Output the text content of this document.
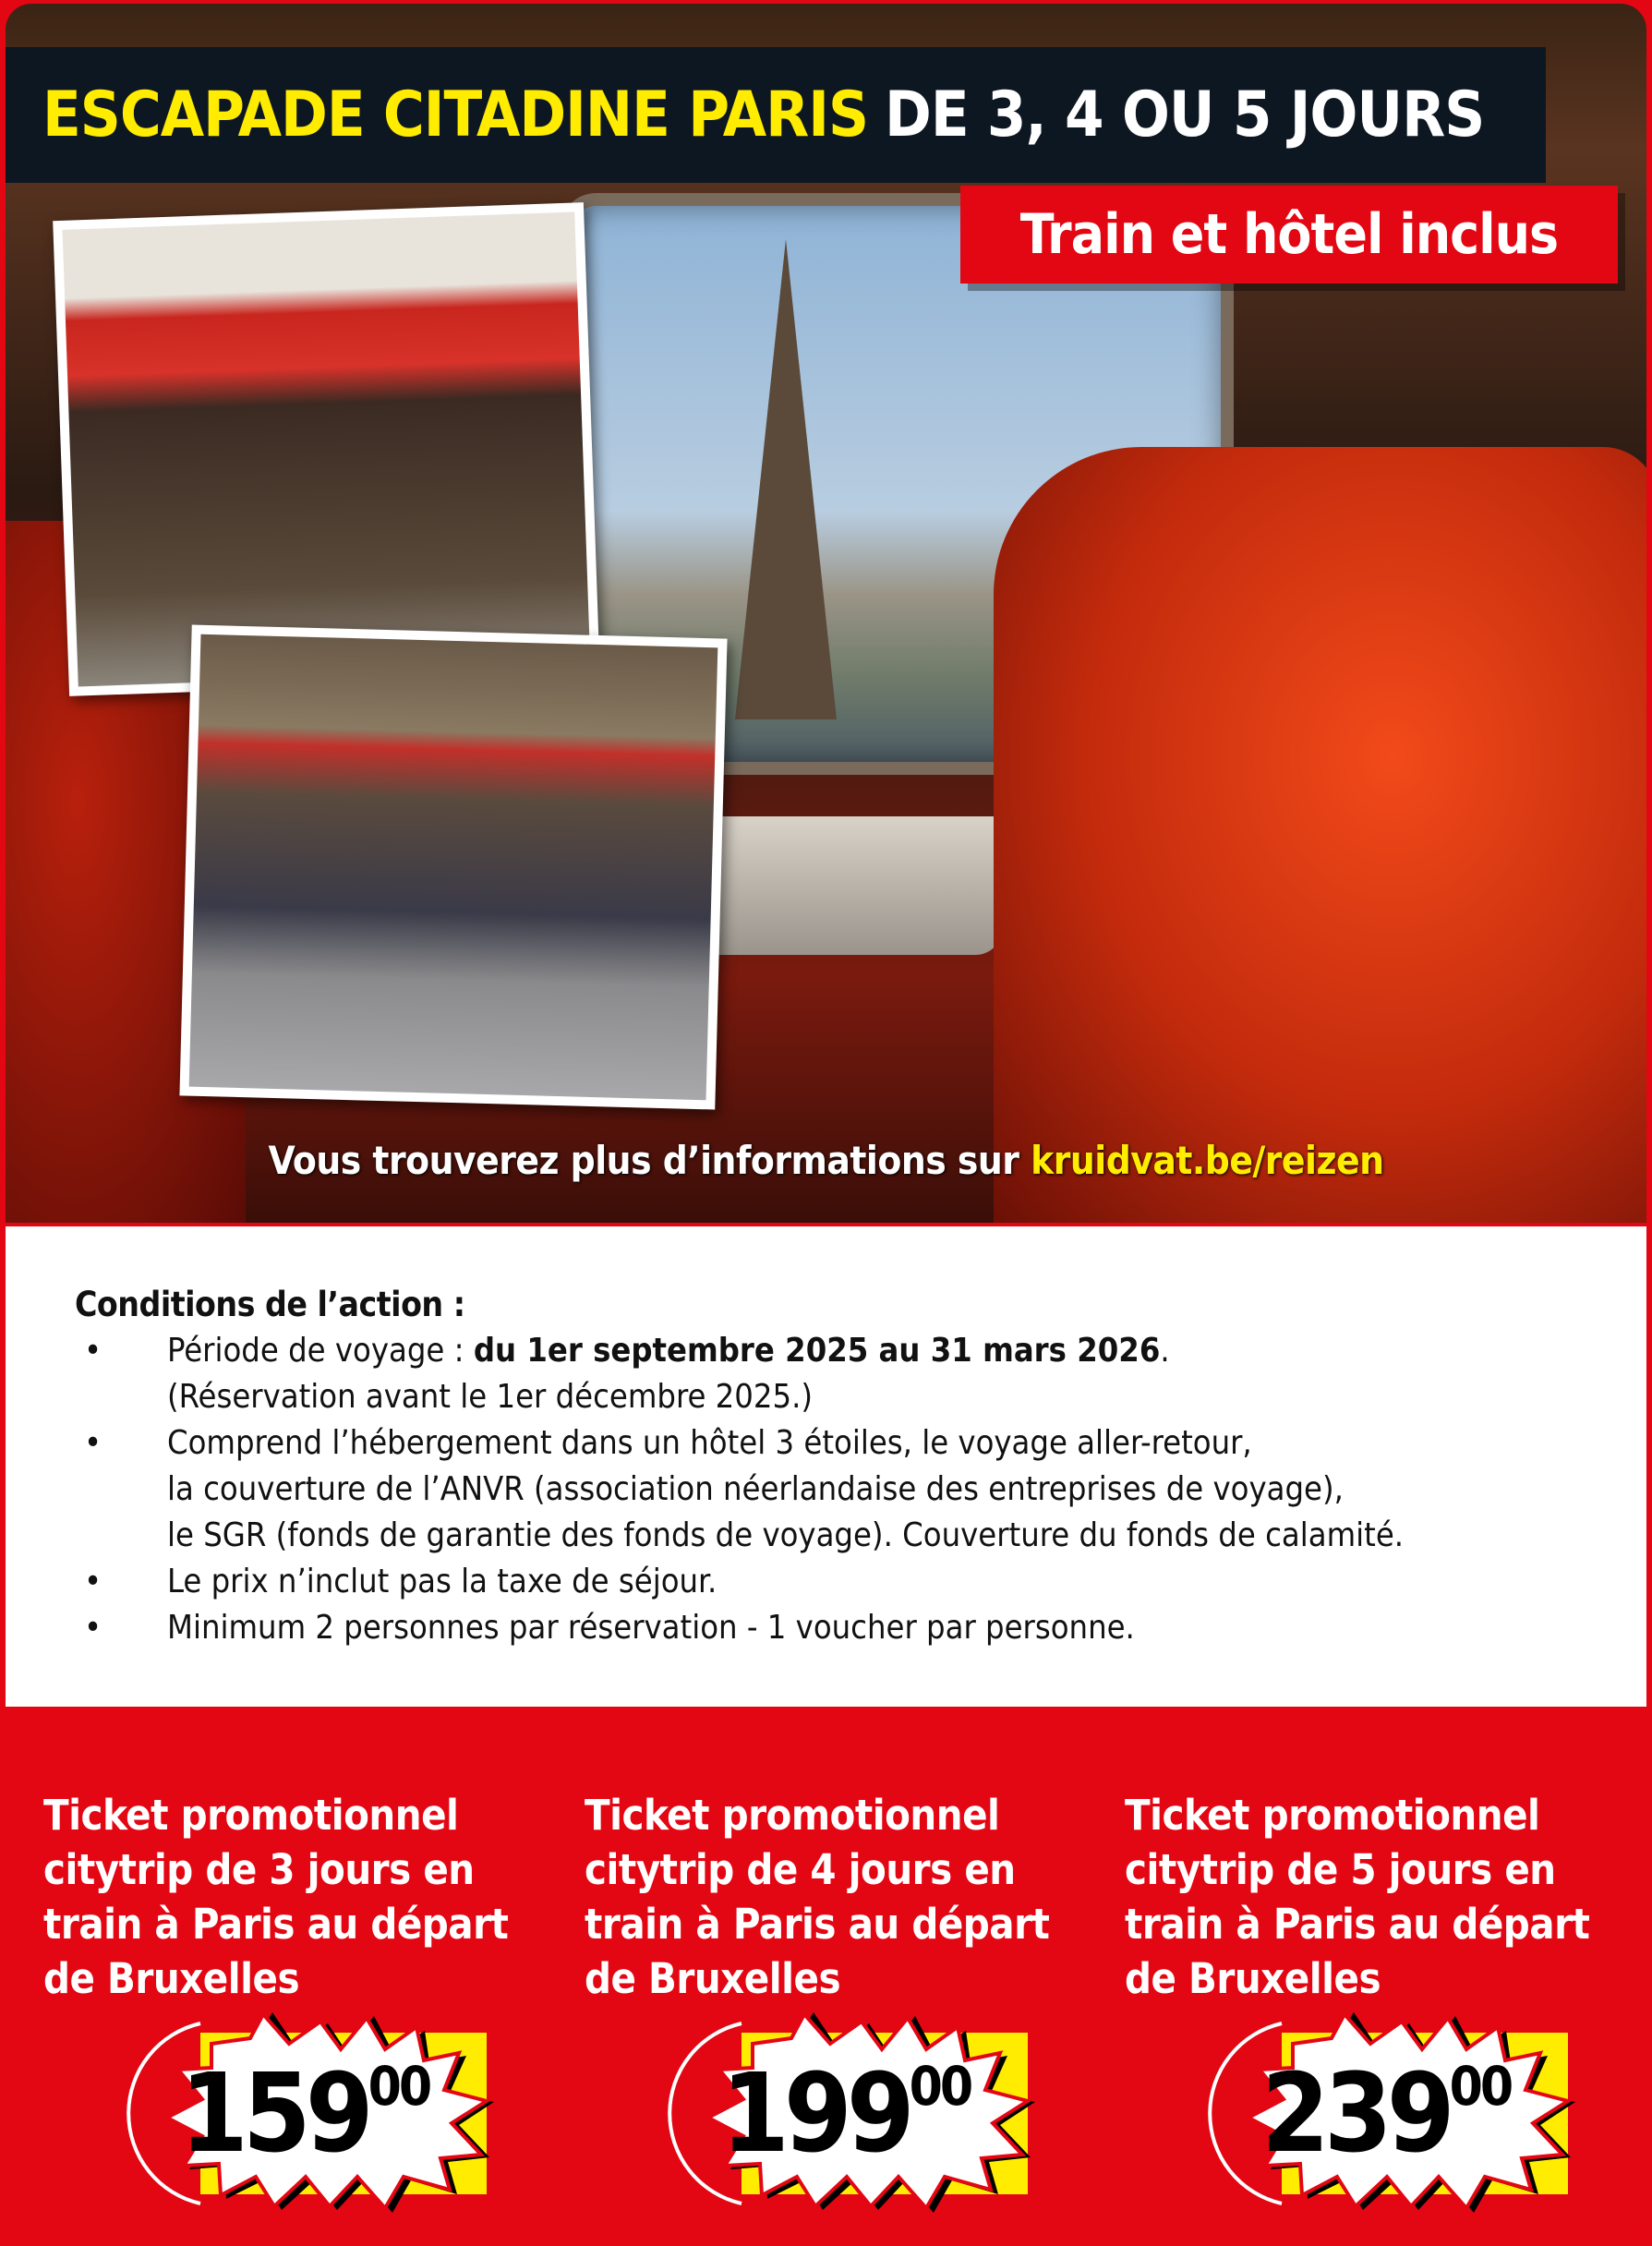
ESCAPADE CITADINE PARIS DE 3, 4 OU 5 JOURS
Train et hôtel inclus
Vous trouverez plus d’informations sur kruidvat.be/reizen
Conditions de l’action :
• Période de voyage : du 1er septembre 2025 au 31 mars 2026.
(Réservation avant le 1er décembre 2025.)
• Comprend l’hébergement dans un hôtel 3 étoiles, le voyage aller-retour,
la couverture de l’ANVR (association néerlandaise des entreprises de voyage),
le SGR (fonds de garantie des fonds de voyage). Couverture du fonds de calamité.
• Le prix n’inclut pas la taxe de séjour.
• Minimum 2 personnes par réservation - 1 voucher par personne.
Ticket promotionnel
citytrip de 3 jours en
train à Paris au départ
de Bruxelles
$159^{00}$
Ticket promotionnel
citytrip de 4 jours en
train à Paris au départ
de Bruxelles
$199^{00}$
Ticket promotionnel
citytrip de 5 jours en
train à Paris au départ
de Bruxelles
$239^{00}$
